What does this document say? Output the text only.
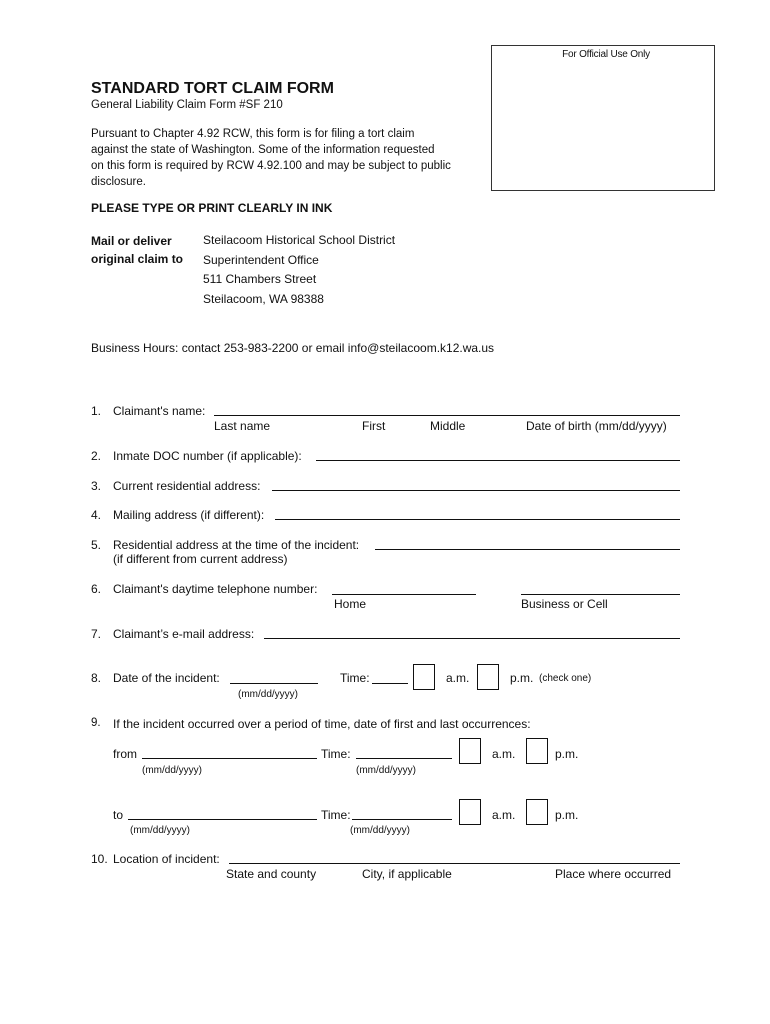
For Official Use Only
STANDARD TORT CLAIM FORM
General Liability Claim Form #SF 210
Pursuant to Chapter 4.92 RCW, this form is for filing a tort claim
against the state of Washington. Some of the information requested
on this form is required by RCW 4.92.100 and may be subject to public
disclosure.
PLEASE TYPE OR PRINT CLEARLY IN INK
Mail or deliver
original claim to
Steilacoom Historical School District
Superintendent Office
511 Chambers Street
Steilacoom, WA 98388
Business Hours: contact 253-983-2200 or email info@steilacoom.k12.wa.us
1. Claimant's name:
Last name	First	Middle	Date of birth (mm/dd/yyyy)
2. Inmate DOC number (if applicable):
3. Current residential address:
4. Mailing address (if different):
5. Residential address at the time of the incident:
(if different from current address)
6. Claimant's daytime telephone number:
Home	Business or Cell
7. Claimant’s e-mail address:
8. Date of the incident:
(mm/dd/yyyy)
Time:	a.m.	p.m. (check one)
9. If the incident occurred over a period of time, date of first and last occurrences:
from
(mm/dd/yyyy)
Time:
(mm/dd/yyyy)
a.m.	p.m.
to
(mm/dd/yyyy)
Time:
(mm/dd/yyyy)
a.m.	p.m.
10. Location of incident:
State and county	City, if applicable	Place where occurred
